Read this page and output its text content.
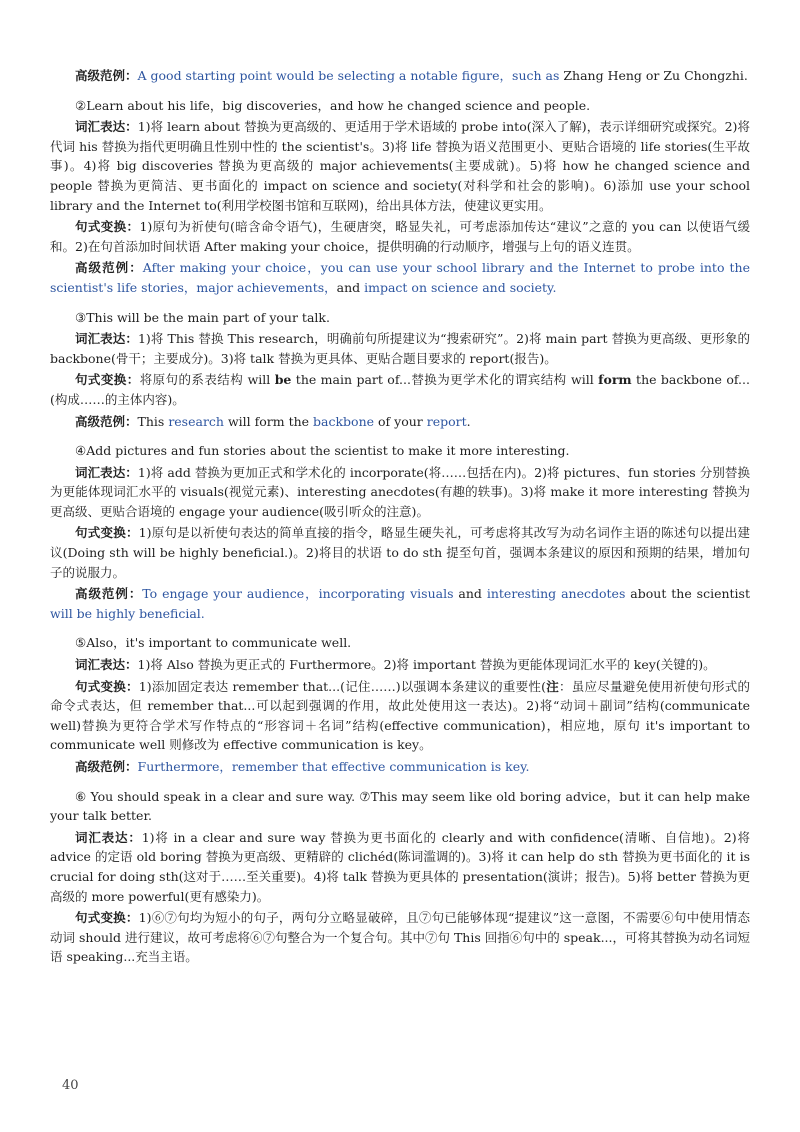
高级范例：A good starting point would be selecting a notable figure，such as Zhang Heng or Zu Chongzhi.

②Learn about his life，big discoveries，and how he changed science and people.

词汇表达：1)将 learn about 替换为更高级的、更适用于学术语域的 probe into(深入了解)，表示详细研究或探究。2)将代词 his 替换为指代更明确且性别中性的 the scientist's。3)将 life 替换为语义范围更小、更贴合语境的 life stories(生平故事)。4)将 big discoveries 替换为更高级的 major achievements(主要成就)。5)将 how he changed science and people 替换为更简洁、更书面化的 impact on science and society(对科学和社会的影响)。6)添加 use your school library and the Internet to(利用学校图书馆和互联网)，给出具体方法，使建议更实用。

句式变换：1)原句为祈使句(暗含命令语气)，生硬唐突，略显失礼，可考虑添加传达“建议”之意的 you can 以使语气缓和。2)在句首添加时间状语 After making your choice，提供明确的行动顺序，增强与上句的语义连贯。

高级范例：After making your choice，you can use your school library and the Internet to probe into the scientist's life stories，major achievements，and impact on science and society.

③This will be the main part of your talk.

词汇表达：1)将 This 替换 This research，明确前句所提建议为“搜索研究”。2)将 main part 替换为更高级、更形象的 backbone(骨干；主要成分)。3)将 talk 替换为更具体、更贴合题目要求的 report(报告)。

句式变换：将原句的系表结构 will be the main part of...替换为更学术化的谓宾结构 will form the backbone of...(构成……的主体内容)。

高级范例：This research will form the backbone of your report.

④Add pictures and fun stories about the scientist to make it more interesting.

词汇表达：1)将 add 替换为更加正式和学术化的 incorporate(将……包括在内)。2)将 pictures、fun stories 分别替换为更能体现词汇水平的 visuals(视觉元素)、interesting anecdotes(有趣的轶事)。3)将 make it more interesting 替换为更高级、更贴合语境的 engage your audience(吸引听众的注意)。

句式变换：1)原句是以祈使句表达的简单直接的指令，略显生硬失礼，可考虑将其改写为动名词作主语的陈述句以提出建议(Doing sth will be highly beneficial.)。2)将目的状语 to do sth 提至句首，强调本条建议的原因和预期的结果，增加句子的说服力。

高级范例：To engage your audience，incorporating visuals and interesting anecdotes about the scientist will be highly beneficial.

⑤Also，it's important to communicate well.

词汇表达：1)将 Also 替换为更正式的 Furthermore。2)将 important 替换为更能体现词汇水平的 key(关键的)。

句式变换：1)添加固定表达 remember that...(记住……)以强调本条建议的重要性(注：虽应尽量避免使用祈使句形式的命令式表达，但 remember that...可以起到强调的作用，故此处使用这一表达)。2)将“动词＋副词”结构(communicate well)替换为更符合学术写作特点的“形容词＋名词”结构(effective communication)，相应地，原句 it's important to communicate well 则修改为 effective communication is key。

高级范例：Furthermore，remember that effective communication is key.

⑥ You should speak in a clear and sure way. ⑦This may seem like old boring advice，but it can help make your talk better.

词汇表达：1)将 in a clear and sure way 替换为更书面化的 clearly and with confidence(清晰、自信地)。2)将 advice 的定语 old boring 替换为更高级、更精辟的 clichéd(陈词滥调的)。3)将 it can help do sth 替换为更书面化的 it is crucial for doing sth(这对于……至关重要)。4)将 talk 替换为更具体的 presentation(演讲；报告)。5)将 better 替换为更高级的 more powerful(更有感染力)。

句式变换：1)⑥⑦句均为短小的句子，两句分立略显破碎，且⑦句已能够体现“提建议”这一意图，不需要⑥句中使用情态动词 should 进行建议，故可考虑将⑥⑦句整合为一个复合句。其中⑦句 This 回指⑥句中的 speak...，可将其替换为动名词短语 speaking...充当主语。

40
